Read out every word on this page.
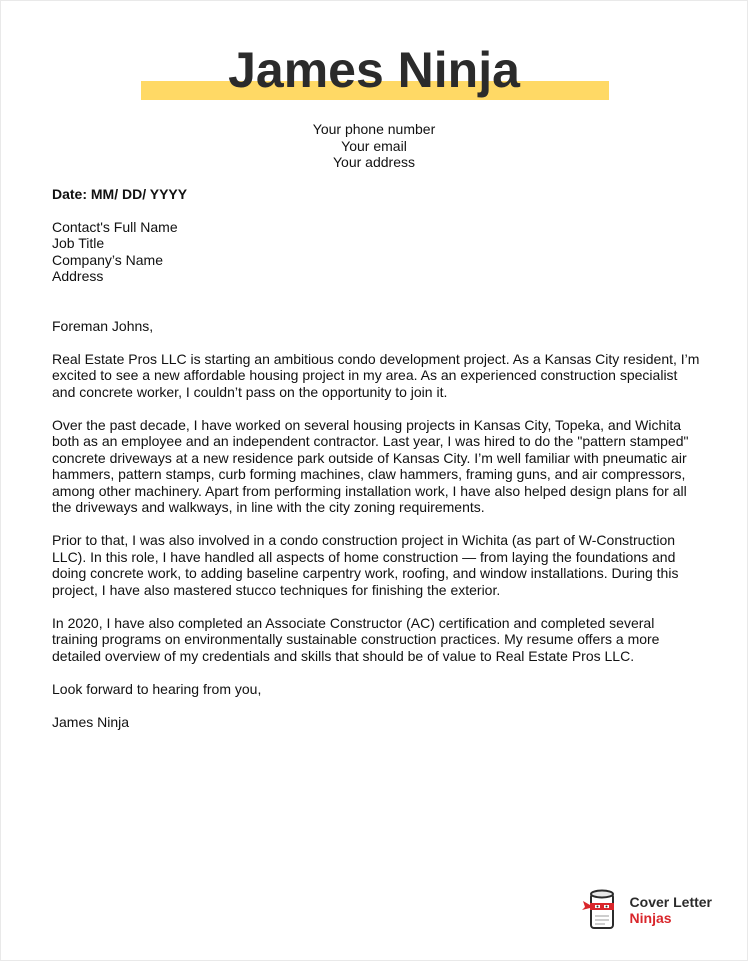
James Ninja
Your phone number
Your email
Your address

Date: MM/ DD/ YYYY

Contact's Full Name

Job Title

Company’s Name

Address

Foreman Johns,

Real Estate Pros LLC is starting an ambitious condo development project. As a Kansas City resident, I’m excited to see a new affordable housing project in my area. As an experienced construction specialist and concrete worker, I couldn’t pass on the opportunity to join it.

Over the past decade, I have worked on several housing projects in Kansas City, Topeka, and Wichita both as an employee and an independent contractor. Last year, I was hired to do the "pattern stamped" concrete driveways at a new residence park outside of Kansas City. I’m well familiar with pneumatic air hammers, pattern stamps, curb forming machines, claw hammers, framing guns, and air compressors, among other machinery. Apart from performing installation work, I have also helped design plans for all the driveways and walkways, in line with the city zoning requirements.

Prior to that, I was also involved in a condo construction project in Wichita (as part of W-Construction LLC). In this role, I have handled all aspects of home construction — from laying the foundations and doing concrete work, to adding baseline carpentry work, roofing, and window installations. During this project, I have also mastered stucco techniques for finishing the exterior.

In 2020, I have also completed an Associate Constructor (AC) certification and completed several training programs on environmentally sustainable construction practices. My resume offers a more detailed overview of my credentials and skills that should be of value to Real Estate Pros LLC.

Look forward to hearing from you,

James Ninja

Cover Letter
Ninjas
